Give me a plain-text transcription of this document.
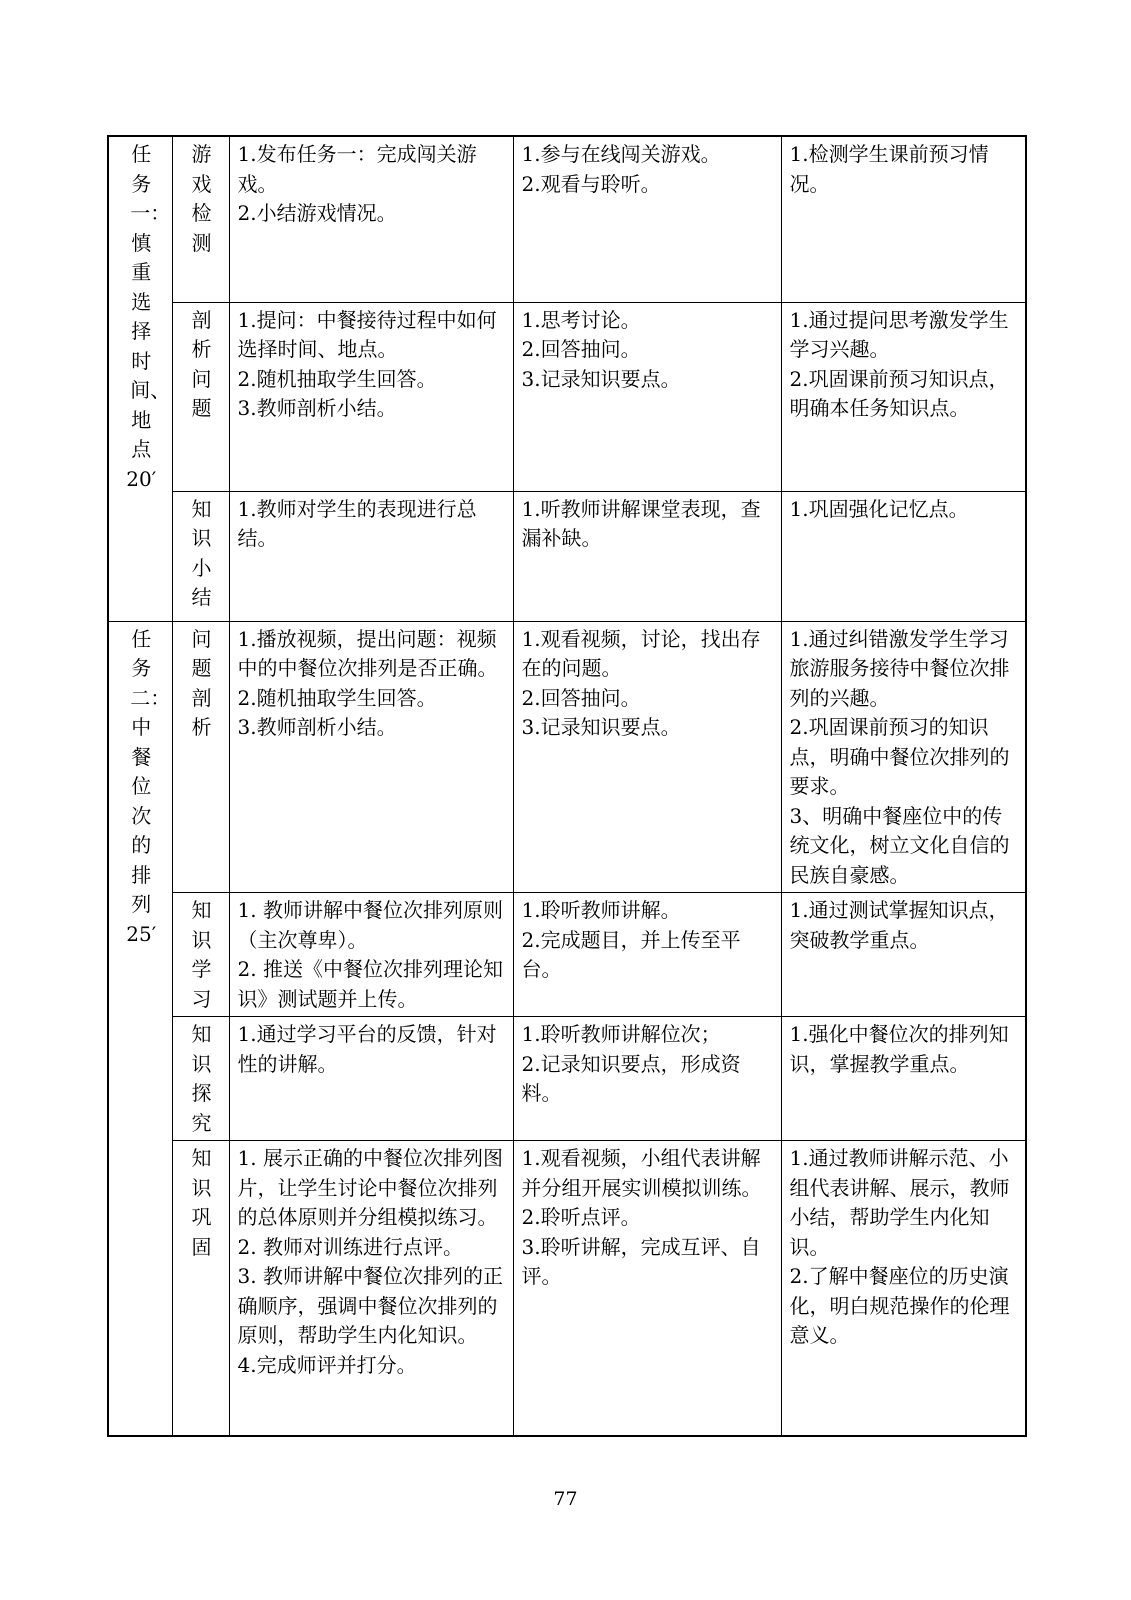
任务一：慎重选择时间、地点
20′	游戏检测	1.发布任务一：完成闯关游戏。
2.小结游戏情况。	1.参与在线闯关游戏。
2.观看与聆听。	1.检测学生课前预习情况。
	剖析问题	1.提问：中餐接待过程中如何选择时间、地点。
2.随机抽取学生回答。
3.教师剖析小结。	1.思考讨论。
2.回答抽问。
3.记录知识要点。	1.通过提问思考激发学生学习兴趣。
2.巩固课前预习知识点，明确本任务知识点。
	知识小结	1.教师对学生的表现进行总结。	1.听教师讲解课堂表现，查漏补缺。	1.巩固强化记忆点。
任务二：中餐位次的排列
25′	问题剖析	1.播放视频，提出问题：视频中的中餐位次排列是否正确。
2.随机抽取学生回答。
3.教师剖析小结。	1.观看视频，讨论，找出存在的问题。
2.回答抽问。
3.记录知识要点。	1.通过纠错激发学生学习旅游服务接待中餐位次排列的兴趣。
2.巩固课前预习的知识点，明确中餐位次排列的要求。
3、明确中餐座位中的传统文化，树立文化自信的民族自豪感。
	知识学习	1. 教师讲解中餐位次排列原则（主次尊卑）。
2. 推送《中餐位次排列理论知识》测试题并上传。	1.聆听教师讲解。
2.完成题目，并上传至平台。	1.通过测试掌握知识点，突破教学重点。
	知识探究	1.通过学习平台的反馈，针对性的讲解。	1.聆听教师讲解位次；
2.记录知识要点，形成资料。	1.强化中餐位次的排列知识，掌握教学重点。
	知识巩固	1. 展示正确的中餐位次排列图片，让学生讨论中餐位次排列的总体原则并分组模拟练习。
2. 教师对训练进行点评。
3. 教师讲解中餐位次排列的正确顺序，强调中餐位次排列的原则，帮助学生内化知识。
4.完成师评并打分。	1.观看视频，小组代表讲解并分组开展实训模拟训练。
2.聆听点评。
3.聆听讲解，完成互评、自评。	1.通过教师讲解示范、小组代表讲解、展示，教师小结，帮助学生内化知识。
2.了解中餐座位的历史演化，明白规范操作的伦理意义。
77
